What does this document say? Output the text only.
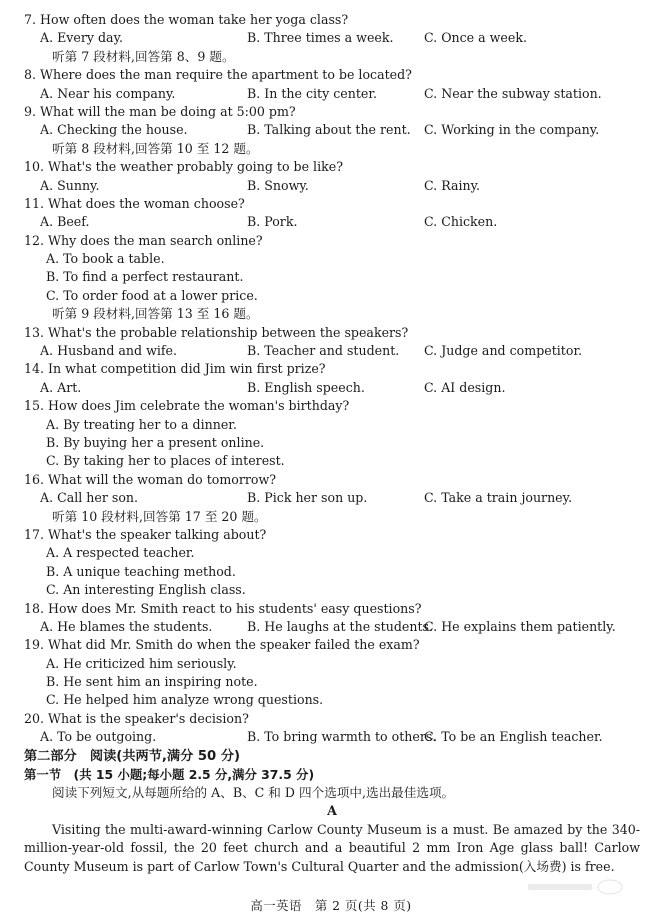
7. How often does the woman take her yoga class?
A. Every day.	B. Three times a week. C. Once a week.
听第 7 段材料,回答第 8、9 题。
8. Where does the man require the apartment to be located?
A. Near his company.	B. In the city center.	C. Near the subway station.
9. What will the man be doing at 5:00 pm?
A. Checking the house.	B. Talking about the rent. C. Working in the company.
听第 8 段材料,回答第 10 至 12 题。
10. What's the weather probably going to be like?
A. Sunny.	B. Snowy.	C. Rainy.
11. What does the woman choose?
A. Beef.	B. Pork.	C. Chicken.
12. Why does the man search online?
A. To book a table.
B. To find a perfect restaurant.
C. To order food at a lower price.
听第 9 段材料,回答第 13 至 16 题。
13. What's the probable relationship between the speakers?
A. Husband and wife.	B. Teacher and student. C. Judge and competitor.
14. In what competition did Jim win first prize?
A. Art.	B. English speech.	C. AI design.
15. How does Jim celebrate the woman's birthday?
A. By treating her to a dinner.
B. By buying her a present online.
C. By taking her to places of interest.
16. What will the woman do tomorrow?
A. Call her son.	B. Pick her son up.	C. Take a train journey.
听第 10 段材料,回答第 17 至 20 题。
17. What's the speaker talking about?
A. A respected teacher.
B. A unique teaching method.
C. An interesting English class.
18. How does Mr. Smith react to his students' easy questions?
A. He blames the students.	B. He laughs at the students.
C. He explains them patiently.
19. What did Mr. Smith do when the speaker failed the exam?
A. He criticized him seriously.
B. He sent him an inspiring note.
C. He helped him analyze wrong questions.
20. What is the speaker's decision?
A. To be outgoing.	B. To bring warmth to others.
C. To be an English teacher.
第二部分　阅读(共两节,满分 50 分)
第一节　(共 15 小题;每小题 2.5 分,满分 37.5 分)
阅读下列短文,从每题所给的 A、B、C 和 D 四个选项中,选出最佳选项。
A

Visiting the multi-award-winning Carlow County Museum is a must. Be amazed by the 340-million-year-old fossil, the 20 feet church and a beautiful 2 mm Iron Age glass ball! Carlow County Museum is part of Carlow Town's Cultural Quarter and the admission(入场费) is free.

高一英语　第 2 页(共 8 页)
